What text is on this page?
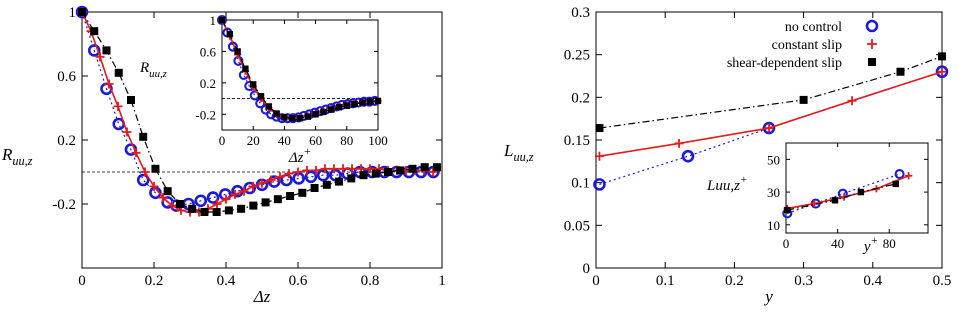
0	0.2	0.4	0.6	0.8	1
-0.2
0.2
0.6
1
Δz
$R_{uu,z}$
0 20 40 60 80 100
-0.2
0.2
0.6
1
Δz+
$R_{uu,z}$
0	0.1	0.2	0.3	0.4	0.5
0
0.05
0.1
0.15
0.2
0.25
0.3
y
$L_{uu,z}$
0	40	80
10
30
50
Luu,z+
y+
no control
constant slip
shear-dependent slip
